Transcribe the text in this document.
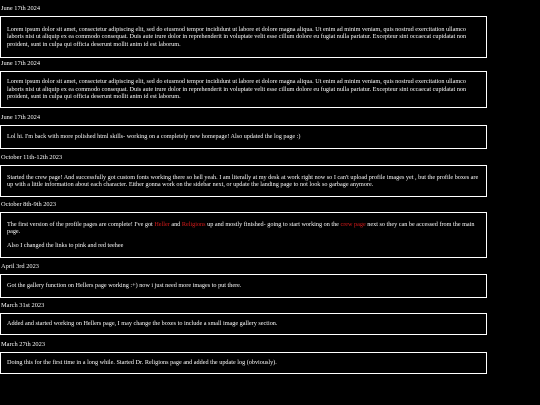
June 17th 2024

Lorem ipsum dolor sit amet, consectetur adipiscing elit, sed do eiusmod tempor incididunt ut labore et dolore magna aliqua. Ut enim ad minim veniam, quis nostrud exercitation ullamco laboris nisi ut aliquip ex ea commodo consequat. Duis aute irure dolor in reprehenderit in voluptate velit esse cillum dolore eu fugiat nulla pariatur. Excepteur sint occaecat cupidatat non proident, sunt in culpa qui officia deserunt mollit anim id est laborum.

June 17th 2024

Lorem ipsum dolor sit amet, consectetur adipiscing elit, sed do eiusmod tempor incididunt ut labore et dolore magna aliqua. Ut enim ad minim veniam, quis nostrud exercitation ullamco laboris nisi ut aliquip ex ea commodo consequat. Duis aute irure dolor in reprehenderit in voluptate velit esse cillum dolore eu fugiat nulla pariatur. Excepteur sint occaecat cupidatat non proident, sunt in culpa qui officia deserunt mollit anim id est laborum.

June 17th 2024

Lol hi. I'm back with more polished html skills- working on a completely new homepage! Also updated the log page :)

October 11th-12th 2023

Started the crew page! And successfully got custom fonts working there so hell yeah. I am literally at my desk at work right now so I can't upload profile images yet , but the profile boxes are up with a little information about each character. Either gonna work on the sidebar next, or update the landing page to not look so garbage anymore.

October 8th-9th 2023

The first version of the profile pages are complete! I've got Heller and Religions up and mostly finished- going to start working on the crew page next so they can be accessed from the main page.

Also I changed the links to pink and red teehee

April 3rd 2023

Got the gallery function on Hellers page working :+) now i just need more images to put there.

March 31st 2023

Added and started working on Hellers page, I may change the boxes to include a small image gallery section.

March 27th 2023

Doing this for the first time in a long while. Started Dr. Religions page and added the update log (obviously).
